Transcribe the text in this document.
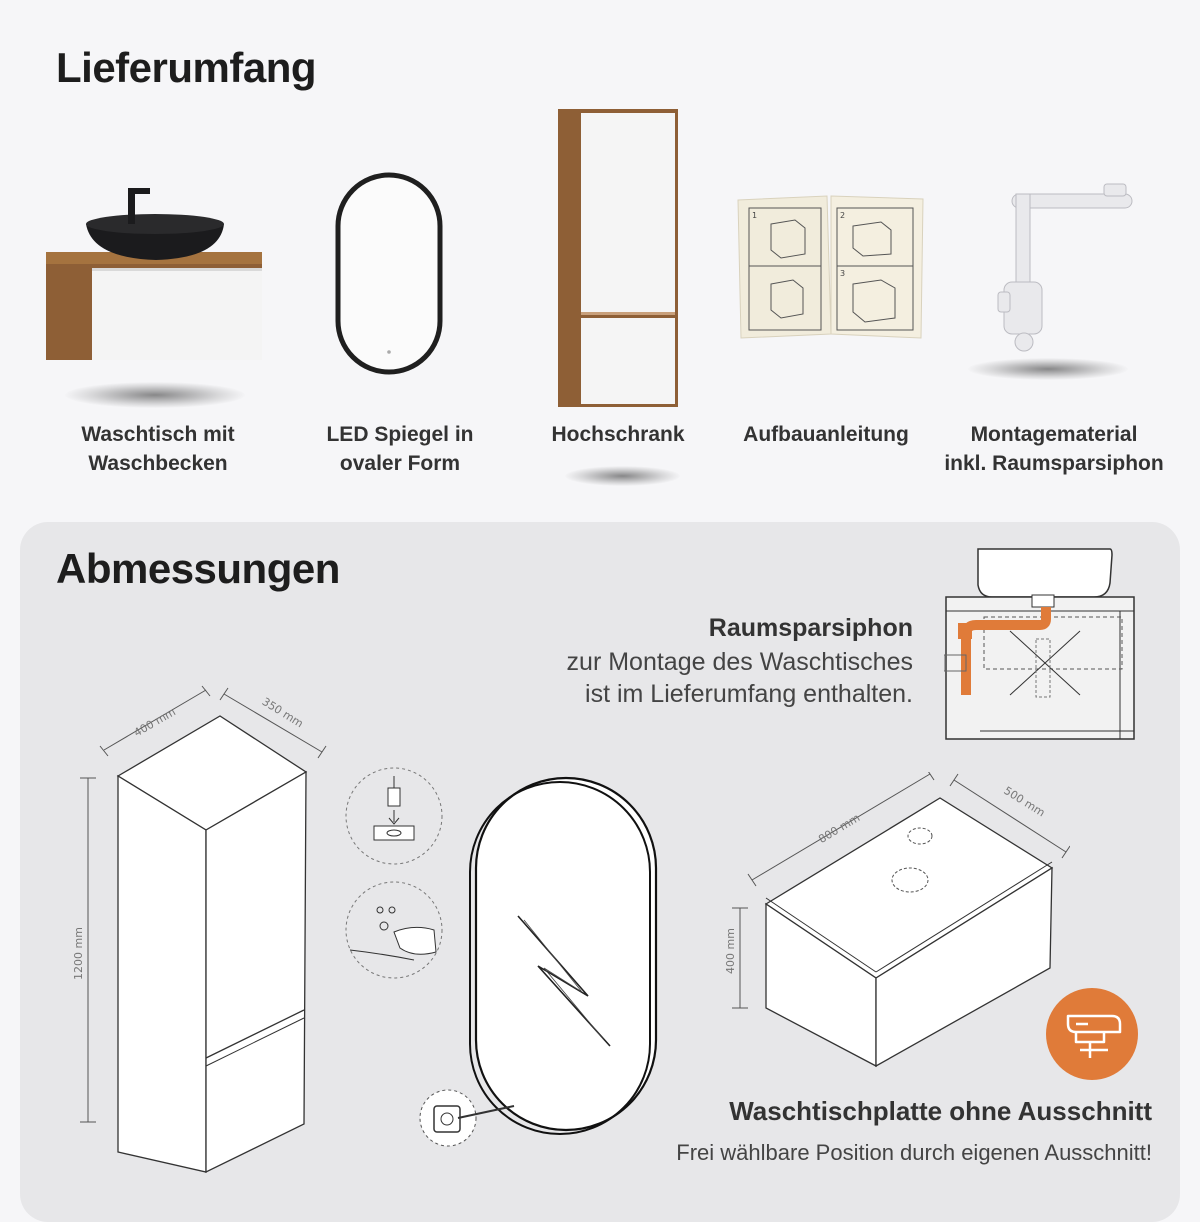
Lieferumfang
Waschtisch mit
Waschbecken
LED Spiegel in
ovaler Form
Hochschrank
1	2
3
Aufbauanleitung	Montagematerial
inkl. Raumsparsiphon
Abmessungen
Raumsparsiphon
zur Montage des Waschtisches
ist im Lieferumfang enthalten.
400 mm	350 mm
1200 mm
800 mm
500 mm
400 mm
Waschtischplatte ohne Ausschnitt
Frei wählbare Position durch eigenen Ausschnitt!
